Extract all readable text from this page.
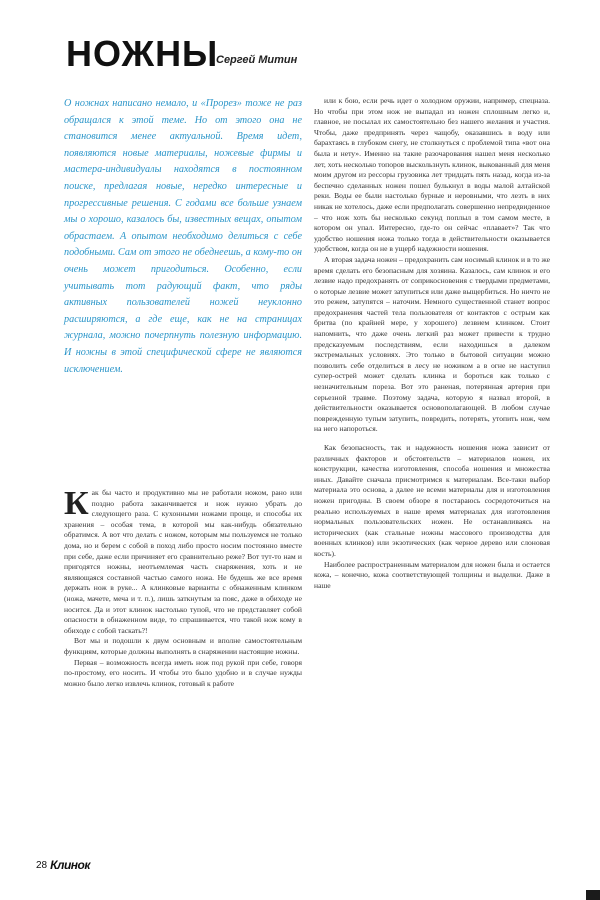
НОЖНЫ
Сергей Митин

О ножнах написано немало, и «Прорез» тоже не раз обращался к этой теме. Но от этого она не становится менее актуальной. Время идет, появляются новые материалы, ножевые фирмы и мастера-индивидуалы находятся в постоянном поиске, предлагая новые, нередко интересные и прогрессивные решения. С годами все больше узнаем мы о хорошо, казалось бы, известных вещах, опытом обрастаем. А опытом необходимо делиться с себе подобными. Сам от этого не обеднеешь, а кому-то он очень может пригодиться. Особенно, если учитывать тот радующий факт, что ряды активных пользователей ножей неуклонно расширяются, а где еще, как не на страницах журнала, можно почерпнуть полезную информацию. И ножны в этой специфической сфере не являются исключением.

Как бы часто и продуктивно мы не работали ножом, рано или поздно работа заканчивается и нож нужно убрать до следующего раза. С кухонными ножами проще, и способы их хранения – особая тема, в которой мы как-нибудь обязательно обратимся. А вот что делать с ножом, которым мы пользуемся не только дома, но и берем с собой в поход либо просто носим постоянно вместе при себе, даже если причиняет его сравнительно реже? Вот тут-то нам и пригодятся ножны, неотъемлемая часть снаряжения, хоть и не являющаяся составной частью самого ножа. Не будешь же все время держать нож в руке... А клинковые варианты с обнаженным клинком (ножа, мачете, меча и т. п.), лишь заткнутым за пояс, даже в обиходе не носится. Да и этот клинок настолько тупой, что не представляет собой опасности в обнаженном виде, то спрашивается, что такой нож кому в обиходе с собой таскать?!

Вот мы и подошли к двум основным и вполне самостоятельным функциям, которые должны выполнять в снаряжении настоящие ножны.

Первая – возможность всегда иметь нож под рукой при себе, говоря по-простому, его носить. И чтобы это было удобно и в случае нужды можно было легко извлечь клинок, готовый к работе

или к бою, если речь идет о холодном оружии, например, спецназа. Но чтобы при этом нож не выпадал из ножен сплошным легко и, главное, не посылал их самостоятельно без нашего желания и участия. Чтобы, даже предпринять через чащобу, оказавшись в воду или барахтаясь в глубоком снегу, не столкнуться с проблемой типа «вот она была и нету». Именно на такие разочарования нашел меня несколько лет, хоть несколько топоров выскользнуть клинок, выкованный для меня моим другом из рессоры грузовика лет тридцать пять назад, когда из-за беспечно сделанных ножен пошел булькнул в воды малой алтайской реки. Воды ее были настолько бурные и неровными, что лезть в них никак не хотелось, даже если предполагать совершенно непредвиденное – что нож хоть бы несколько секунд поплыл в том самом месте, в котором он упал. Интересно, где-то он сейчас «плавает»? Так что удобство ношения ножа только тогда в действительности оказывается удобством, когда он не в ущерб надежности ношения.

А вторая задача ножен – предохранить сам носимый клинок и в то же время сделать его безопасным для хозяина. Казалось, сам клинок и его лезвие надо предохранять от соприкосновения с твердыми предметами, о которые лезвие может затупиться или даже выщербиться. Но ничто не это режем, затупятся – наточим. Немного существенной станет вопрос предохранения частей тела пользователя от контактов с острым как бритва (по крайней мере, у хорошего) лезвием клинком. Стоит напомнить, что даже очень легкий раз может привести к трудно предсказуемым последствиям, если находишься в далеком экстремальных условиях. Это только в бытовой ситуации можно позволить себе отделиться в лесу не ножиком а в огне не наступил супер-острей может сделать клинка и бороться как только с незначительным пореза. Вот это раненая, потерянная артерия при серьезной травме. Поэтому задача, которую я назвал второй, в действительности оказывается основополагающей. В любом случае поврежденную тупым затупить, повредить, потерять, утопить нож, чем на него напороться.

Как безопасность, так и надежность ношения ножа зависит от различных факторов и обстоятельств – материалов ножен, их конструкции, качества изготовления, способа ношения и множества иных. Давайте сначала присмотримся к материалам. Все-таки выбор материала это основа, а далее не всеми материалы для и изготовления ножен пригодны. В своем обзоре я постараюсь сосредоточиться на реально используемых в наше время материалах для изготовления нормальных пользовательских ножен. Не останавливаясь на исторических (как стальные ножны массового производства для военных клинков) или экзотических (как черное дерево или слоновая кость).

Наиболее распространенным материалом для ножен была и остается кожа, – конечно, кожа соответствующей толщины и выделки. Даже в наше

28 Клинок
